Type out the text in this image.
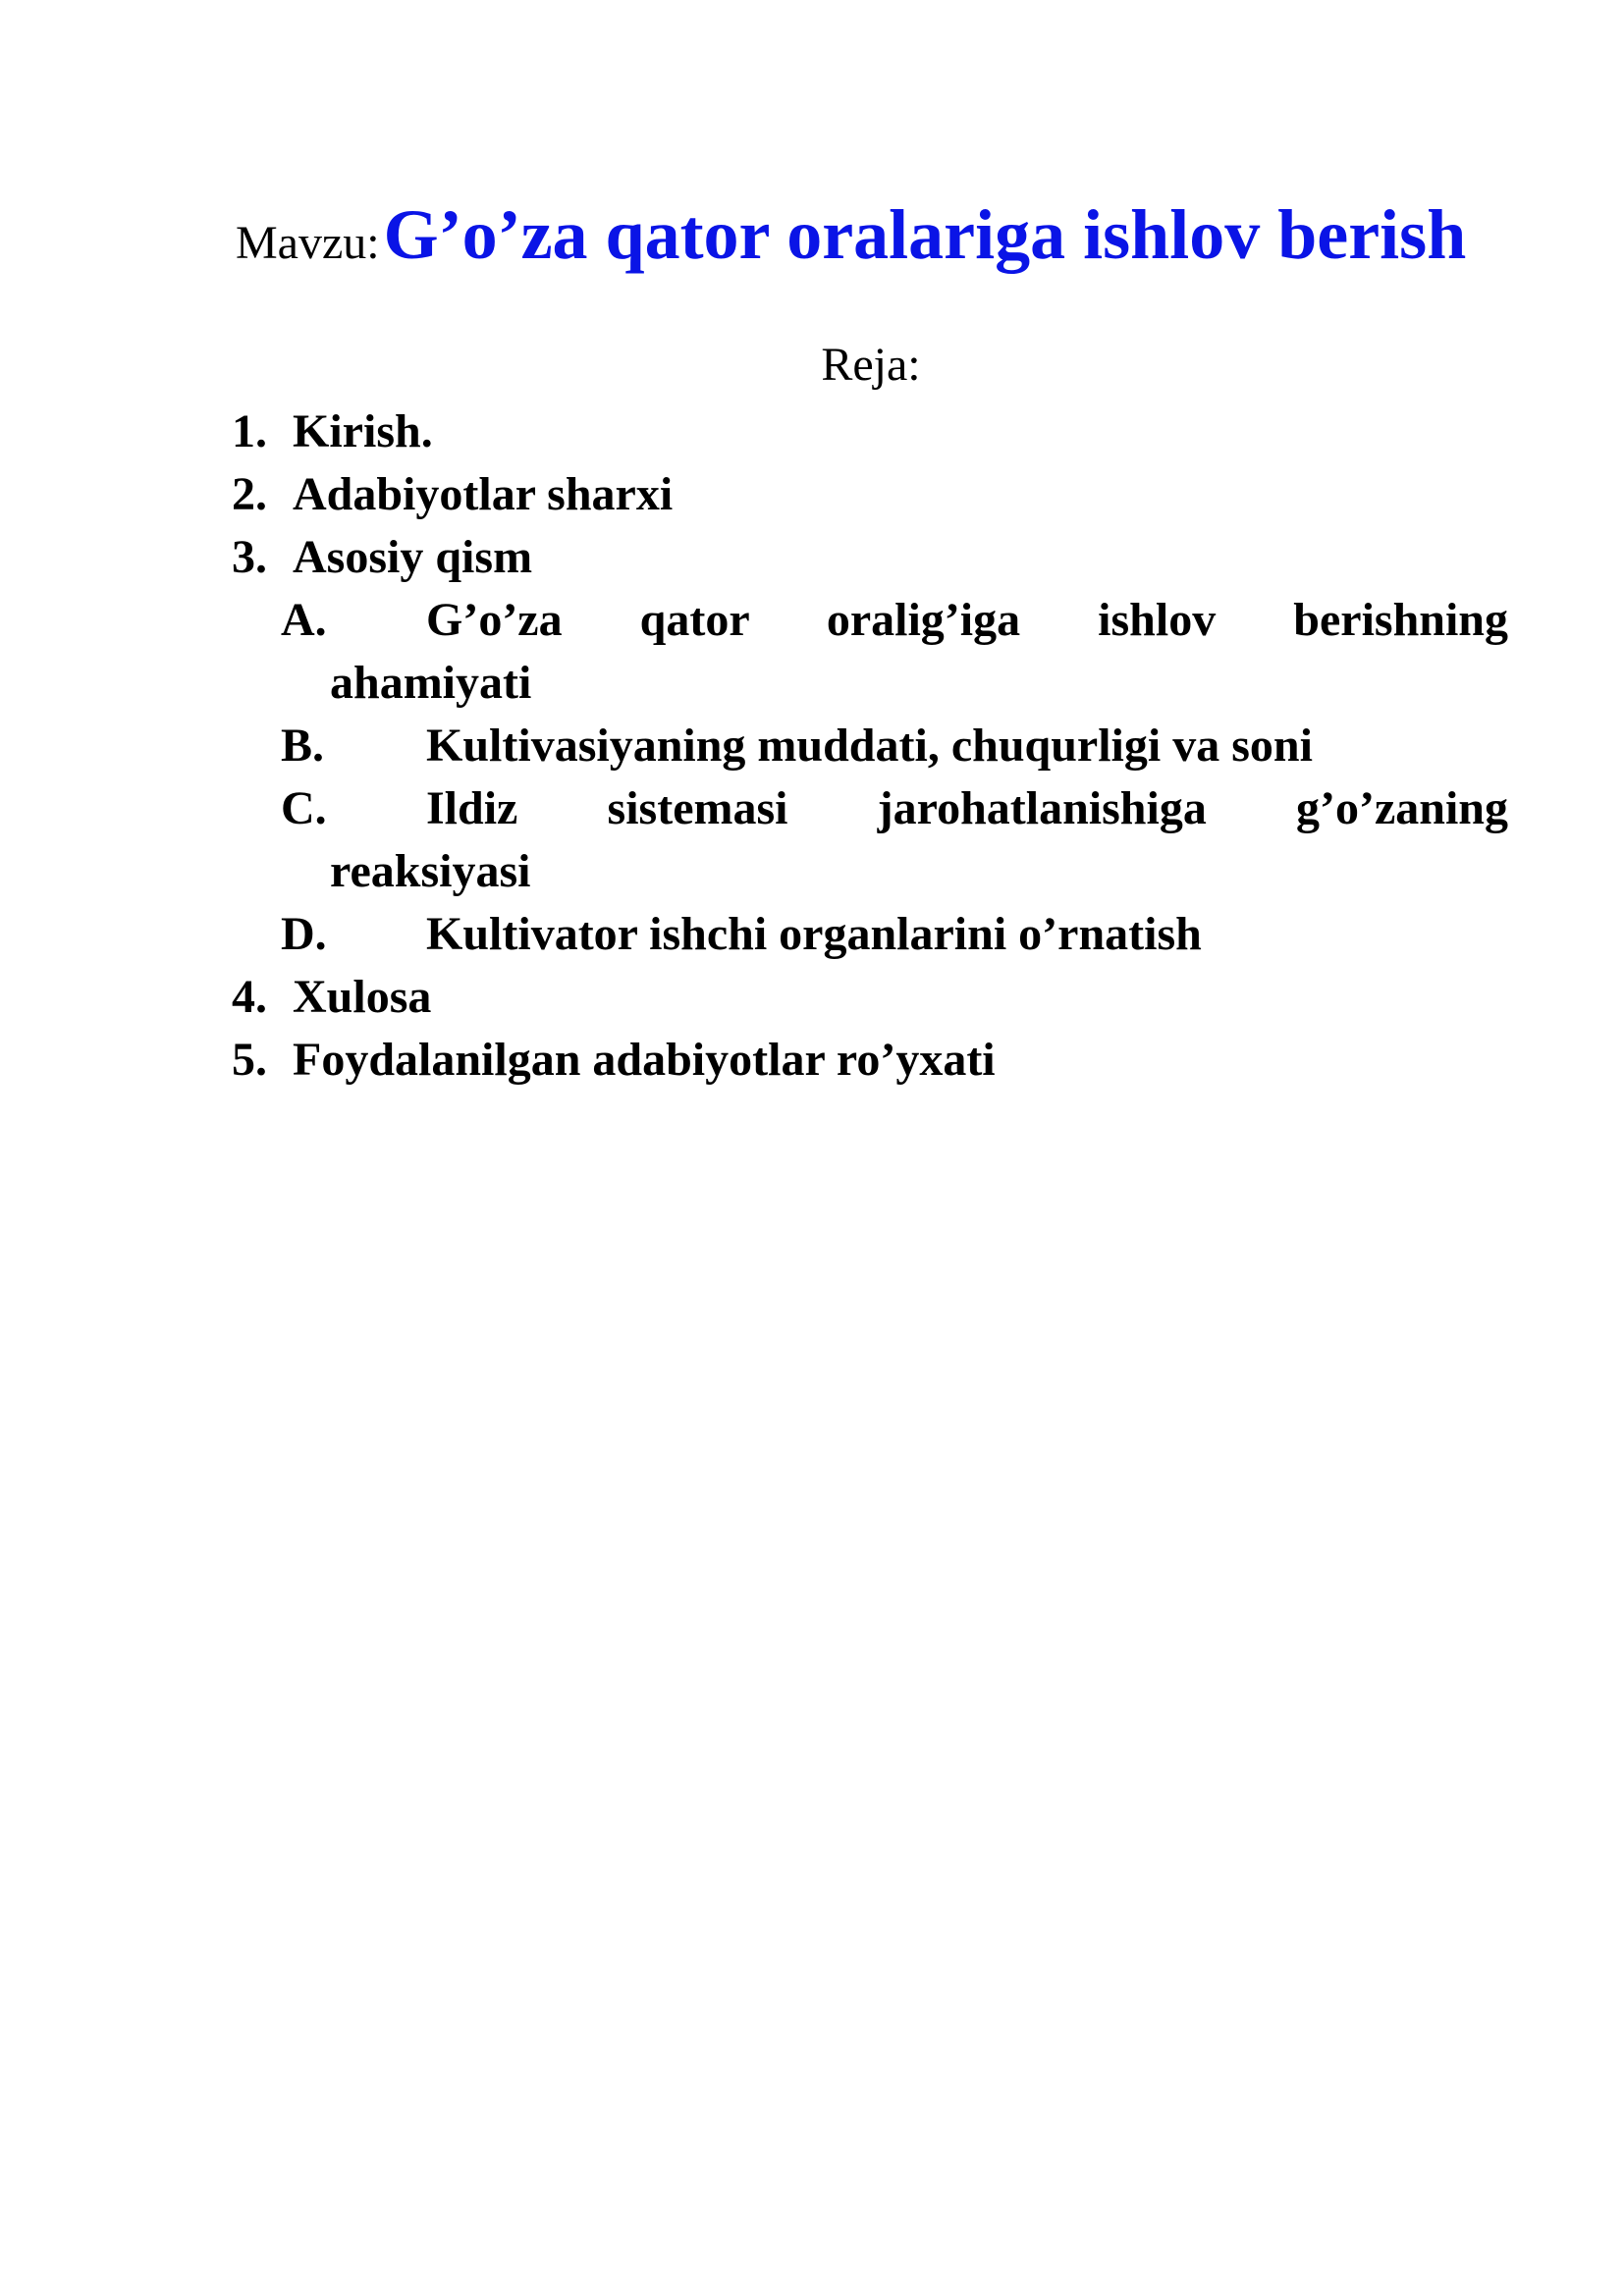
Mavzu: G’o’za qator oralariga ishlov berish
Reja:
1. Kirish.
2. Adabiyotlar sharxi
3. Asosiy qism
A.	G’o’za qator oralig’iga ishlov berishning
ahamiyati
B.	Kultivasiyaning muddati, chuqurligi va soni
C.	Ildiz sistemasi jarohatlanishiga g’o’zaning
reaksiyasi
D.	Kultivator ishchi organlarini o’rnatish
4. Xulosa
5. Foydalanilgan adabiyotlar ro’yxati
